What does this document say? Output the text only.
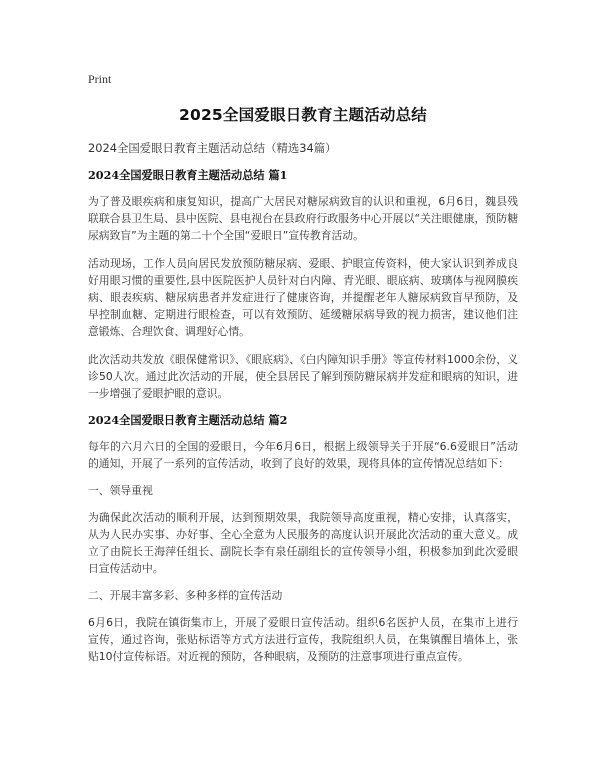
Print
2025全国爱眼日教育主题活动总结
2024全国爱眼日教育主题活动总结（精选34篇）
2024全国爱眼日教育主题活动总结 篇1

为了普及眼疾病和康复知识，提高广大居民对糖尿病致盲的认识和重视，6月6日，魏县残联联合县卫生局、县中医院、县电视台在县政府行政服务中心开展以“关注眼健康，预防糖尿病致盲”为主题的第二十个全国“爱眼日”宣传教育活动。

活动现场，工作人员向居民发放预防糖尿病、爱眼、护眼宣传资料，使大家认识到养成良好用眼习惯的重要性,县中医院医护人员针对白内障、青光眼、眼底病、玻璃体与视网膜疾病、眼表疾病、糖尿病患者并发症进行了健康咨询，并提醒老年人糖尿病致盲早预防，及早控制血糖、定期进行眼检查，可以有效预防、延缓糖尿病导致的视力损害，建议他们注意锻炼、合理饮食、调理好心情。

此次活动共发放《眼保健常识》、《眼底病》、《白内障知识手册》等宣传材料1000余份，义诊50人次。通过此次活动的开展，使全县居民了解到预防糖尿病并发症和眼病的知识，进一步增强了爱眼护眼的意识。

2024全国爱眼日教育主题活动总结 篇2

每年的六月六日的全国的爱眼日，今年6月6日，根据上级领导关于开展“6.6爱眼日”活动的通知，开展了一系列的宣传活动，收到了良好的效果，现将具体的宣传情况总结如下：

一、领导重视

为确保此次活动的顺利开展，达到预期效果，我院领导高度重视，精心安排，认真落实，从为人民办实事、办好事、全心全意为人民服务的高度认识开展此次活动的重大意义。成立了由院长王海萍任组长、副院长李有泉任副组长的宣传领导小组，积极参加到此次爱眼日宣传活动中。

二、开展丰富多彩、多种多样的宣传活动

6月6日，我院在镇街集市上，开展了爱眼日宣传活动。组织6名医护人员，在集市上进行宣传，通过咨询，张贴标语等方式方法进行宣传，我院组织人员，在集镇醒目墙体上，张贴10付宣传标语。对近视的预防，各种眼病，及预防的注意事项进行重点宣传。
